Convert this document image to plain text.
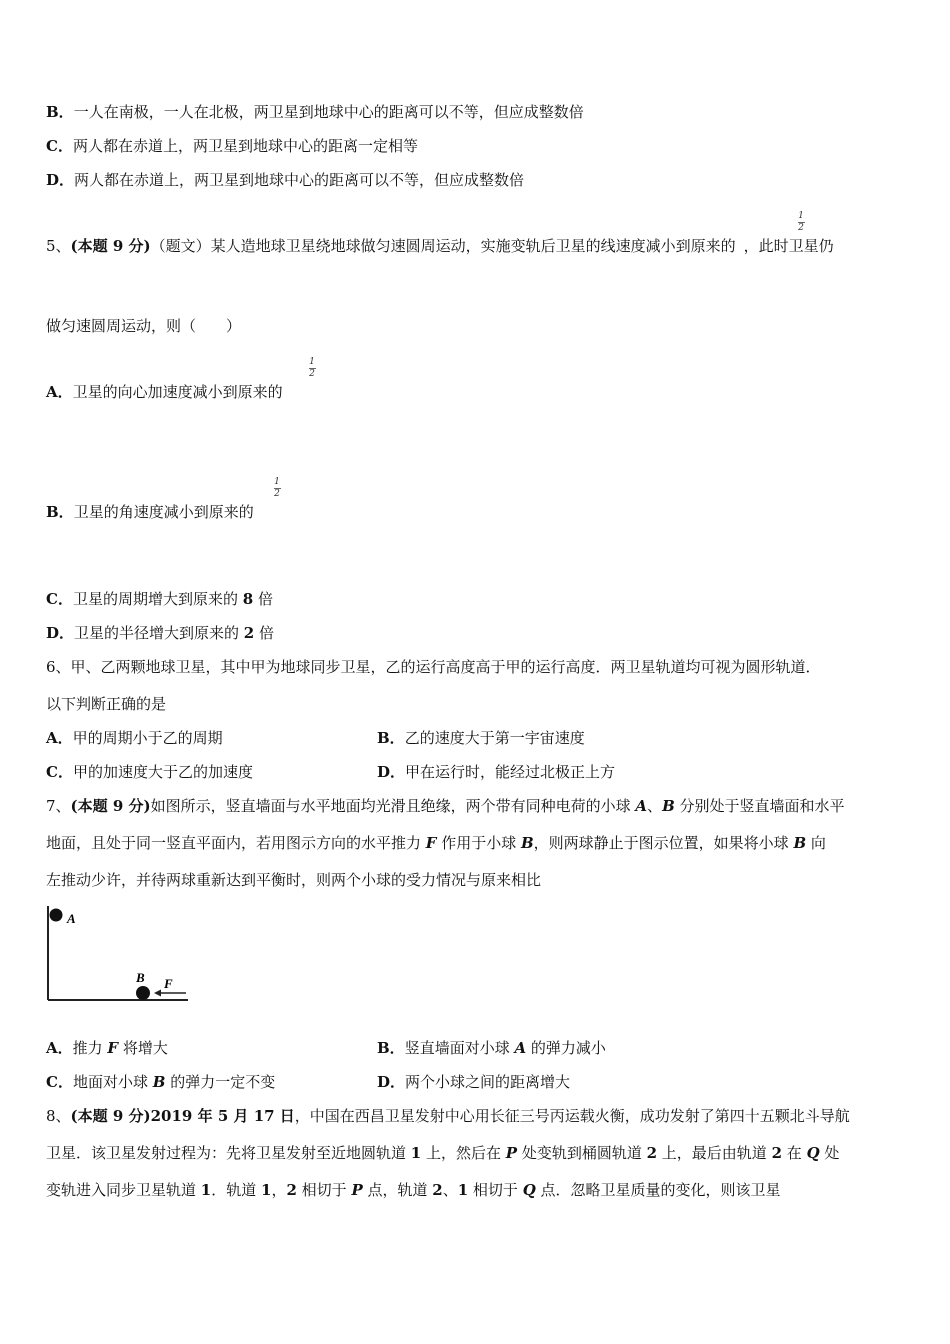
B．一人在南极，一人在北极，两卫星到地球中心的距离可以不等，但应成整数倍
C．两人都在赤道上，两卫星到地球中心的距离一定相等
D．两人都在赤道上，两卫星到地球中心的距离可以不等，但应成整数倍
5、(本题 9 分)（题文）某人造地球卫星绕地球做匀速圆周运动，实施变轨后卫星的线速度减小到原来的 ，此时卫星仍
1
2
做匀速圆周运动，则（　　）
A．卫星的向心加速度减小到原来的
1
2
B．卫星的角速度减小到原来的
1
2
C．卫星的周期增大到原来的 8 倍
D．卫星的半径增大到原来的 2 倍
6、甲、乙两颗地球卫星，其中甲为地球同步卫星，乙的运行高度高于甲的运行高度．两卫星轨道均可视为圆形轨道．
以下判断正确的是
A．甲的周期小于乙的周期	B．乙的速度大于第一宇宙速度
C．甲的加速度大于乙的加速度	D．甲在运行时，能经过北极正上方
7、(本题 9 分)如图所示，竖直墙面与水平地面均光滑且绝缘，两个带有同种电荷的小球 A、B 分别处于竖直墙面和水平
地面，且处于同一竖直平面内，若用图示方向的水平推力 F 作用于小球 B，则两球静止于图示位置，如果将小球 B 向
左推动少许，并待两球重新达到平衡时，则两个小球的受力情况与原来相比
A
B F
A．推力 F 将增大	B．竖直墙面对小球 A 的弹力减小
C．地面对小球 B 的弹力一定不变	D．两个小球之间的距离增大
8、(本题 9 分)2019 年 5 月 17 日，中国在西昌卫星发射中心用长征三号丙运载火衡，成功发射了第四十五颗北斗导航
卫星．该卫星发射过程为：先将卫星发射至近地圆轨道 1 上，然后在 P 处变轨到桶圆轨道 2 上，最后由轨道 2 在 Q 处
变轨进入同步卫星轨道 1．轨道 1，2 相切于 P 点，轨道 2、1 相切于 Q 点．忽略卫星质量的变化，则该卫星
